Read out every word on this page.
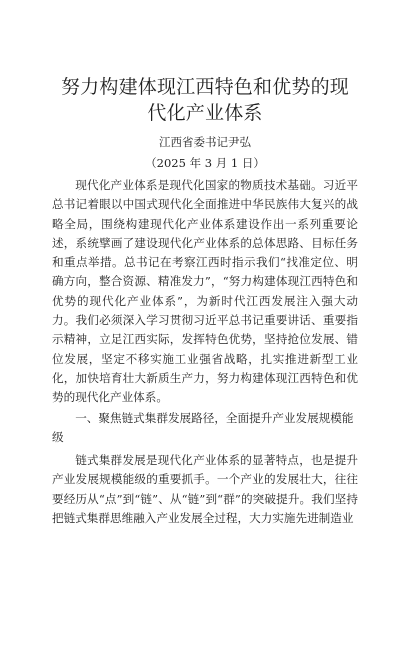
努力构建体现江西特色和优势的现代化产业体系
江西省委书记尹弘
（2025 年 3 月 1 日）

现代化产业体系是现代化国家的物质技术基础。习近平总书记着眼以中国式现代化全面推进中华民族伟大复兴的战略全局，围绕构建现代化产业体系建设作出一系列重要论述，系统擘画了建设现代化产业体系的总体思路、目标任务和重点举措。总书记在考察江西时指示我们“找准定位、明确方向，整合资源、精准发力”，“努力构建体现江西特色和优势的现代化产业体系”，为新时代江西发展注入强大动力。我们必须深入学习贯彻习近平总书记重要讲话、重要指示精神，立足江西实际，发挥特色优势，坚持抢位发展、错位发展，坚定不移实施工业强省战略，扎实推进新型工业化，加快培育壮大新质生产力，努力构建体现江西特色和优势的现代化产业体系。

一、聚焦链式集群发展路径，全面提升产业发展规模能级

链式集群发展是现代化产业体系的显著特点，也是提升产业发展规模能级的重要抓手。一个产业的发展壮大，往往要经历从“点”到“链”、从“链”到“群”的突破提升。我们坚持把链式集群思维融入产业发展全过程，大力实施先进制造业
